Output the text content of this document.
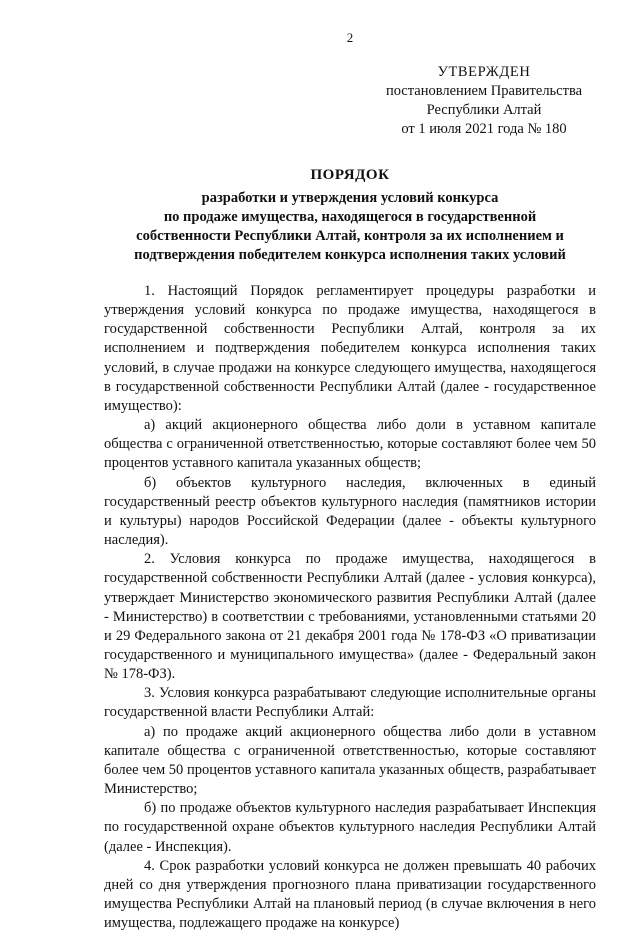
2
УТВЕРЖДЕН
постановлением Правительства
Республики Алтай
от 1 июля 2021 года № 180
ПОРЯДОК
разработки и утверждения условий конкурса
по продаже имущества, находящегося в государственной
собственности Республики Алтай, контроля за их исполнением и
подтверждения победителем конкурса исполнения таких условий

1. Настоящий Порядок регламентирует процедуры разработки и утверждения условий конкурса по продаже имущества, находящегося в государственной собственности Республики Алтай, контроля за их исполнением и подтверждения победителем конкурса исполнения таких условий, в случае продажи на конкурсе следующего имущества, находящегося в государственной собственности Республики Алтай (далее - государственное имущество):

а) акций акционерного общества либо доли в уставном капитале общества с ограниченной ответственностью, которые составляют более чем 50 процентов уставного капитала указанных обществ;

б) объектов культурного наследия, включенных в единый государственный реестр объектов культурного наследия (памятников истории и культуры) народов Российской Федерации (далее - объекты культурного наследия).

2. Условия конкурса по продаже имущества, находящегося в государственной собственности Республики Алтай (далее - условия конкурса), утверждает Министерство экономического развития Республики Алтай (далее - Министерство) в соответствии с требованиями, установленными статьями 20 и 29 Федерального закона от 21 декабря 2001 года № 178-ФЗ «О приватизации государственного и муниципального имущества» (далее - Федеральный закон № 178-ФЗ).

3. Условия конкурса разрабатывают следующие исполнительные органы государственной власти Республики Алтай:

а) по продаже акций акционерного общества либо доли в уставном капитале общества с ограниченной ответственностью, которые составляют более чем 50 процентов уставного капитала указанных обществ, разрабатывает Министерство;

б) по продаже объектов культурного наследия разрабатывает Инспекция по государственной охране объектов культурного наследия Республики Алтай (далее - Инспекция).

4. Срок разработки условий конкурса не должен превышать 40 рабочих дней со дня утверждения прогнозного плана приватизации государственного имущества Республики Алтай на плановый период (в случае включения в него имущества, подлежащего продаже на конкурсе)
